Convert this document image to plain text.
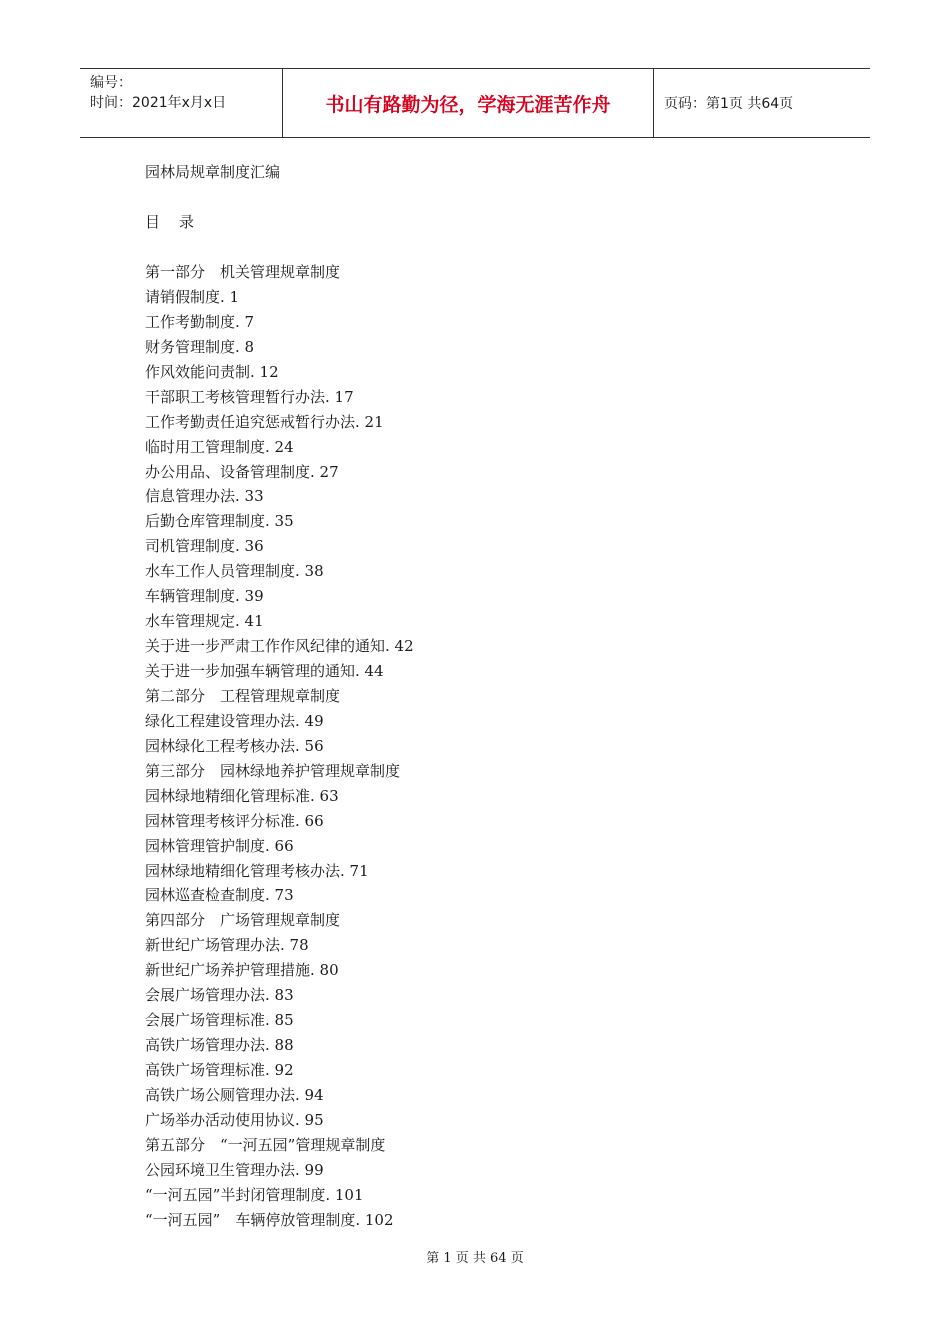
编号：
时间：2021年x月x日	书山有路勤为径，学海无涯苦作舟	页码：第1页 共64页
园林局规章制度汇编
目　录
第一部分　机关管理规章制度
请销假制度. 1
工作考勤制度. 7
财务管理制度. 8
作风效能问责制. 12
干部职工考核管理暂行办法. 17
工作考勤责任追究惩戒暂行办法. 21
临时用工管理制度. 24
办公用品、设备管理制度. 27
信息管理办法. 33
后勤仓库管理制度. 35
司机管理制度. 36
水车工作人员管理制度. 38
车辆管理制度. 39
水车管理规定. 41
关于进一步严肃工作作风纪律的通知. 42
关于进一步加强车辆管理的通知. 44
第二部分　工程管理规章制度
绿化工程建设管理办法. 49
园林绿化工程考核办法. 56
第三部分　园林绿地养护管理规章制度
园林绿地精细化管理标准. 63
园林管理考核评分标准. 66
园林管理管护制度. 66
园林绿地精细化管理考核办法. 71
园林巡查检查制度. 73
第四部分　广场管理规章制度
新世纪广场管理办法. 78
新世纪广场养护管理措施. 80
会展广场管理办法. 83
会展广场管理标准. 85
高铁广场管理办法. 88
高铁广场管理标准. 92
高铁广场公厕管理办法. 94
广场举办活动使用协议. 95
第五部分　“一河五园”管理规章制度
公园环境卫生管理办法. 99
“一河五园”半封闭管理制度. 101
“一河五园”　车辆停放管理制度. 102
第 1 页 共 64 页
